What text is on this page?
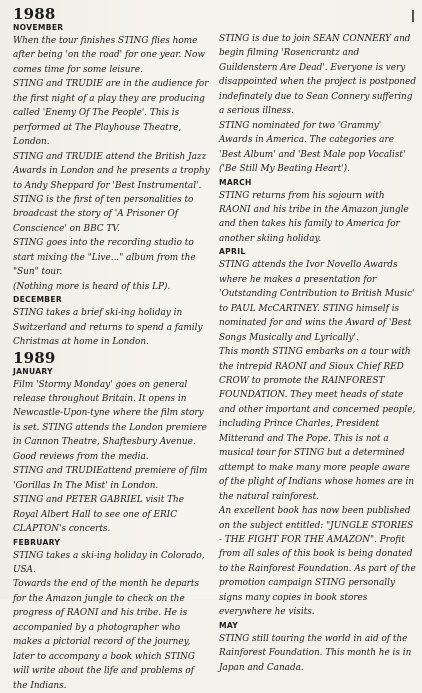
1988
NOVEMBER

When the tour finishes STING flies home after being 'on the road' for one year. Now comes time for some leisure.

STING and TRUDIE are in the audience for the first night of a play they are producing called 'Enemy Of The People'. This is performed at The Playhouse Theatre, London.

STING and TRUDIE attend the British Jazz Awards in London and he presents a trophy to Andy Sheppard for 'Best Instrumental'.

STING is the first of ten personalities to broadcast the story of 'A Prisoner Of Conscience' on BBC TV.

STING goes into the recording studio to start mixing the "Live..." album from the "Sun" tour.

(Nothing more is heard of this LP).

DECEMBER

STING takes a brief ski-ing holiday in Switzerland and returns to spend a family Christmas at home in London.

1989
JANUARY

Film 'Stormy Monday' goes on general release throughout Britain. It opens in Newcastle-Upon-tyne where the film story is set. STING attends the London premiere in Cannon Theatre, Shaftesbury Avenue. Good reviews from the media.

STING and TRUDIEattend premiere of film 'Gorillas In The Mist' in London.

STING and PETER GABRIEL visit The Royal Albert Hall to see one of ERIC CLAPTON's concerts.

FEBRUARY

STING takes a ski-ing holiday in Colorado, USA.

Towards the end of the month he departs for the Amazon jungle to check on the progress of RAONI and his tribe. He is accompanied by a photographer who makes a pictorial record of the journey, later to accompany a book which STING will write about the life and problems of the Indians.

STING is due to join SEAN CONNERY and begin filming 'Rosencrantz and Guildenstern Are Dead'. Everyone is very disappointed when the project is postponed indefinately due to Sean Connery suffering a serious illness.

STING nominated for two 'Grammy' Awards in America. The categories are 'Best Album' and 'Best Male pop Vocalist' ('Be Still My Beating Heart').

MARCH

STING returns from his sojourn with RAONI and his tribe in the Amazon jungle and then takes his family to America for another skiing holiday.

APRIL

STING attends the Ivor Novello Awards where he makes a presentation for 'Outstanding Contribution to British Music' to PAUL McCARTNEY. STING himself is nominated for and wins the Award of 'Best Songs Musically and Lyrically'.

This month STING embarks on a tour with the intrepid RAONI and Sioux Chief RED CROW to promote the RAINFOREST FOUNDATION. They meet heads of state and other important and concerned people, including Prince Charles, President Mitterand and The Pope. This is not a musical tour for STING but a determined attempt to make many more people aware of the plight of Indians whose homes are in the natural rainforest.

An excellent book has now been published on the subject entitled: "JUNGLE STORIES - THE FIGHT FOR THE AMAZON". Profit from all sales of this book is being donated to the Rainforest Foundation. As part of the promotion campaign STING personally signs many copies in book stores everywhere he visits.

MAY

STING still touring the world in aid of the Rainforest Foundation. This month he is in Japan and Canada.
